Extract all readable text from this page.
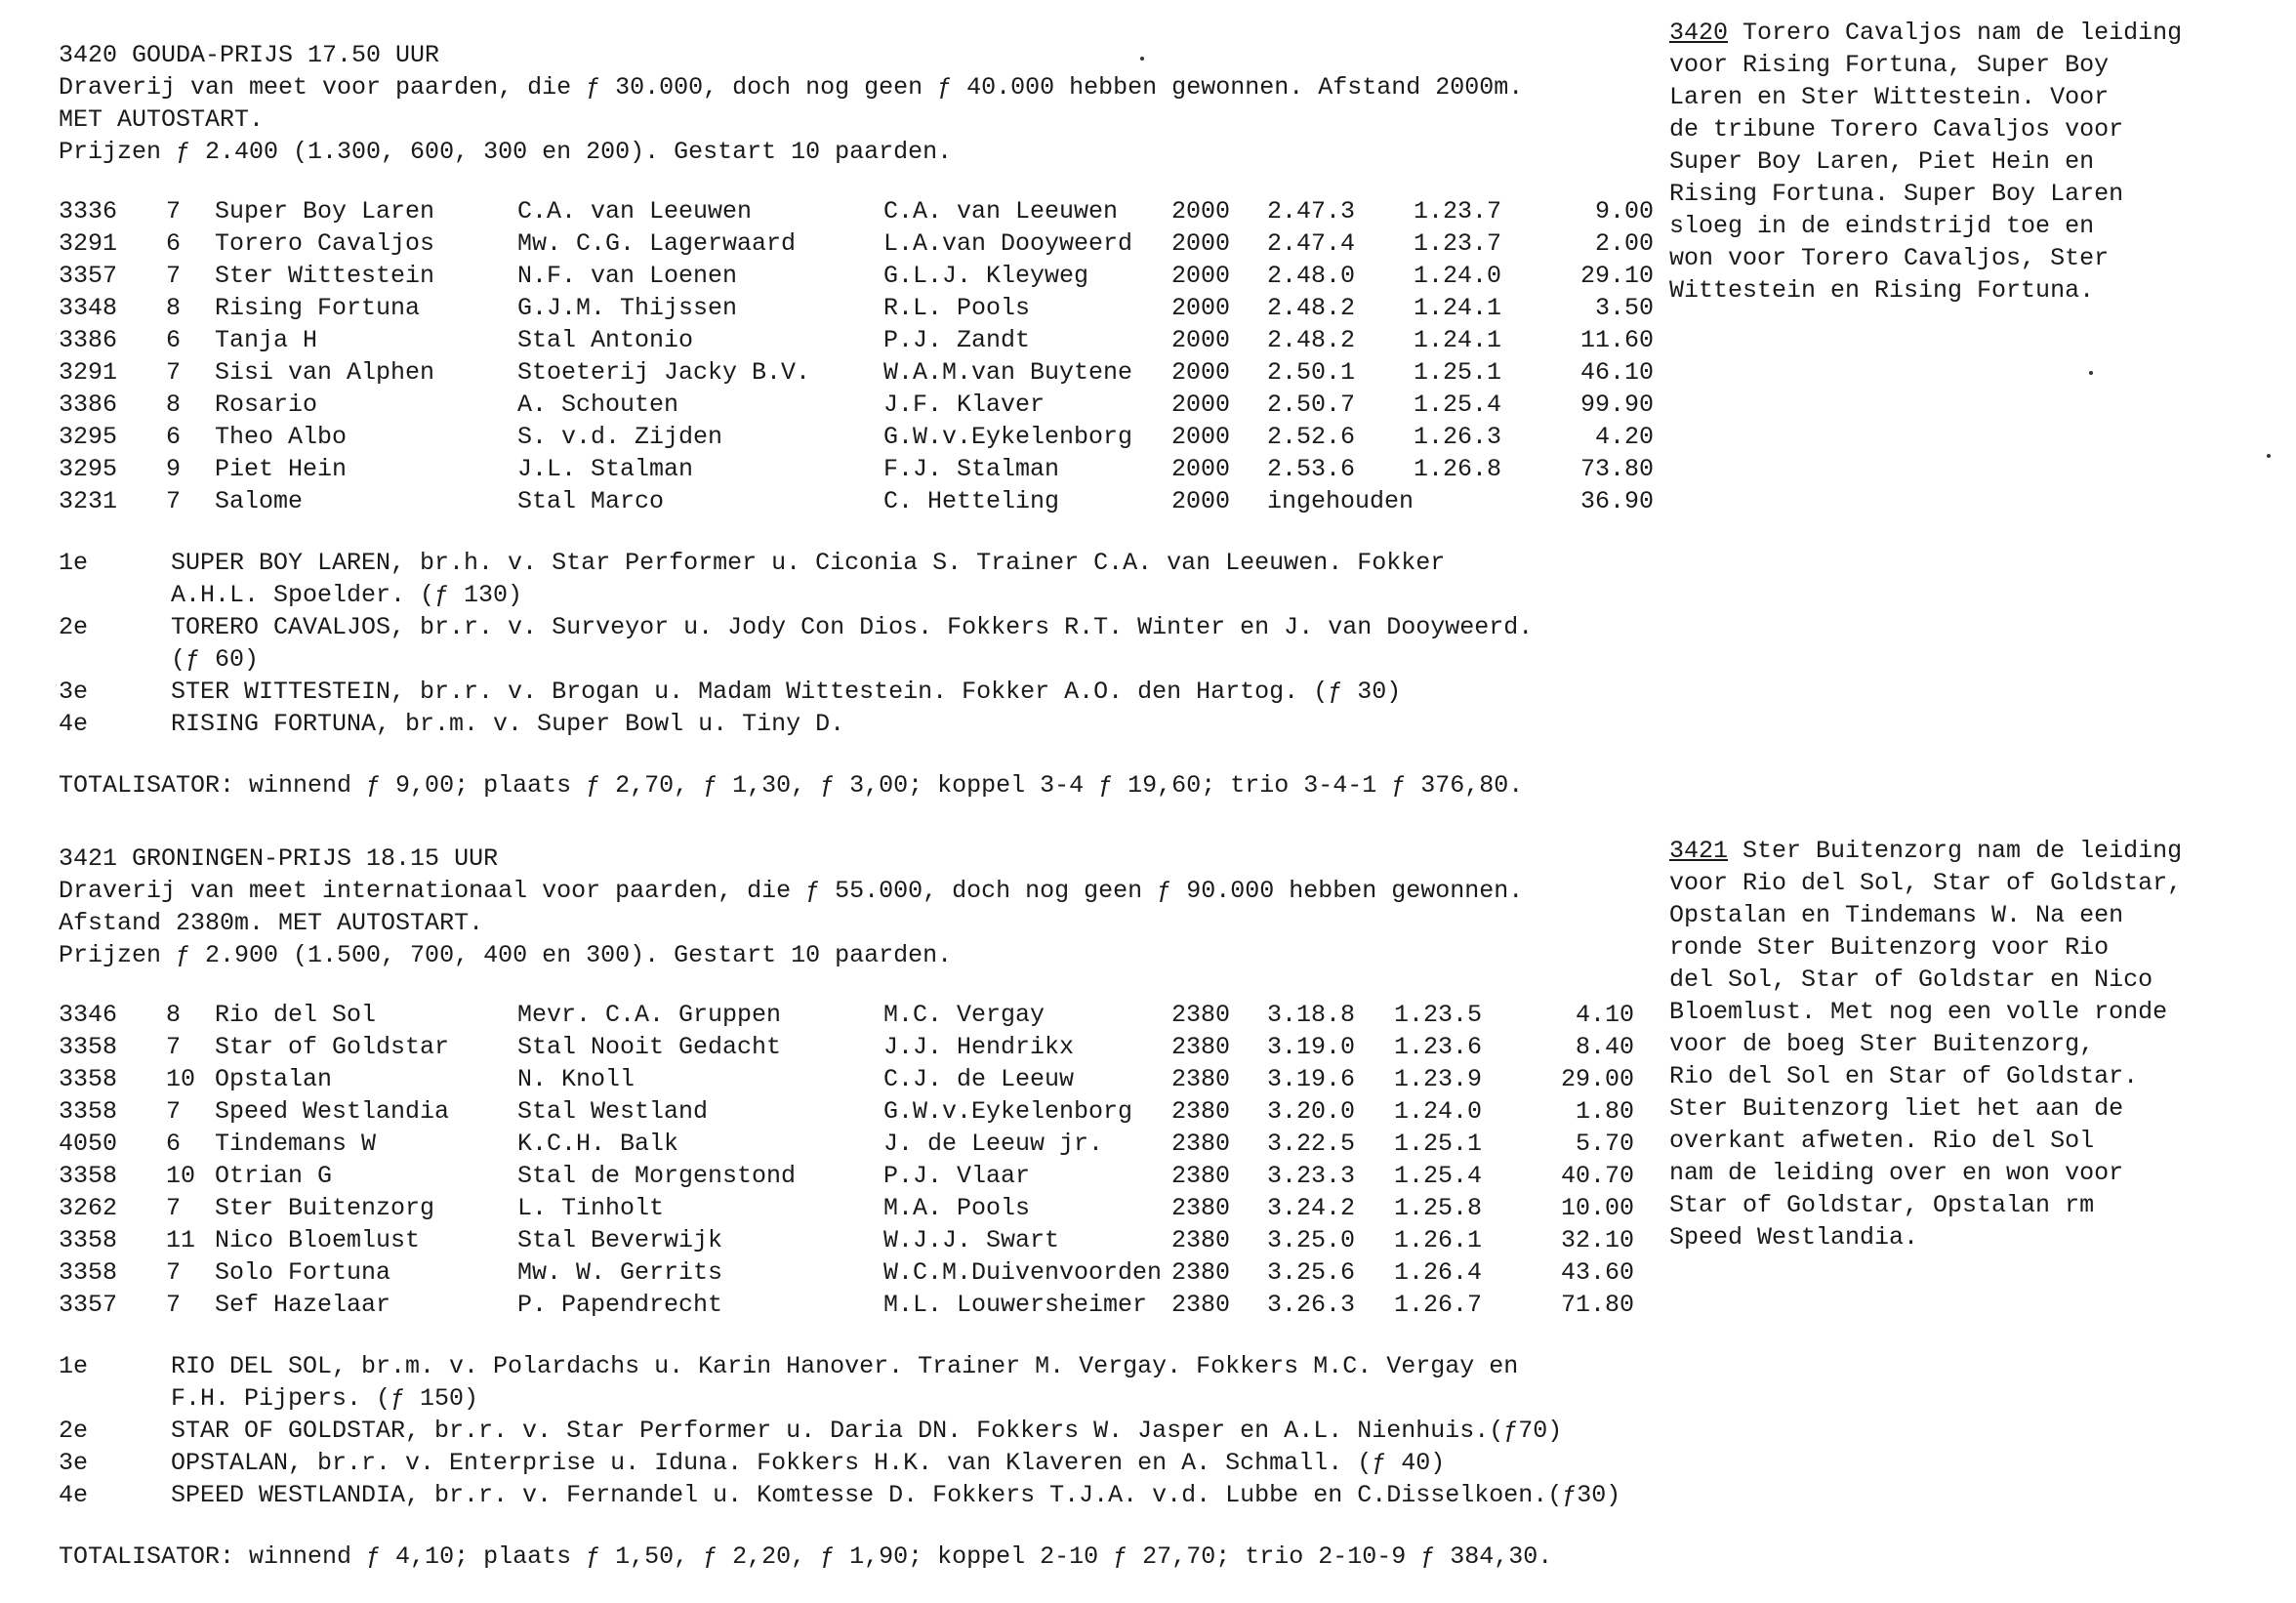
3420 GOUDA-PRIJS 17.50 UUR
Draverij van meet voor paarden, die ƒ 30.000, doch nog geen ƒ 40.000 hebben gewonnen. Afstand 2000m.
MET AUTOSTART.
Prijzen ƒ 2.400 (1.300, 600, 300 en 200). Gestart 10 paarden.
3336	7	Super Boy Laren	C.A. van Leeuwen	C.A. van Leeuwen	2000	2.47.3	1.23.7	9.00
3291	6	Torero Cavaljos	Mw. C.G. Lagerwaard	L.A.van Dooyweerd	2000	2.47.4	1.23.7	2.00
3357	7	Ster Wittestein	N.F. van Loenen	G.L.J. Kleyweg	2000	2.48.0	1.24.0	29.10
3348	8	Rising Fortuna	G.J.M. Thijssen	R.L. Pools	2000	2.48.2	1.24.1	3.50
3386	6	Tanja H	Stal Antonio	P.J. Zandt	2000	2.48.2	1.24.1	11.60
3291	7	Sisi van Alphen	Stoeterij Jacky B.V.	W.A.M.van Buytene	2000	2.50.1	1.25.1	46.10
3386	8	Rosario	A. Schouten	J.F. Klaver	2000	2.50.7	1.25.4	99.90
3295	6	Theo Albo	S. v.d. Zijden	G.W.v.Eykelenborg	2000	2.52.6	1.26.3	4.20
3295	9	Piet Hein	J.L. Stalman	F.J. Stalman	2000	2.53.6	1.26.8	73.80
3231	7	Salome	Stal Marco	C. Hetteling	2000	ingehouden		36.90
1e	SUPER BOY LAREN, br.h. v. Star Performer u. Ciconia S. Trainer C.A. van Leeuwen. Fokker
A.H.L. Spoelder. (ƒ 130)
2e	TORERO CAVALJOS, br.r. v. Surveyor u. Jody Con Dios. Fokkers R.T. Winter en J. van Dooyweerd.
(ƒ 60)
3e	STER WITTESTEIN, br.r. v. Brogan u. Madam Wittestein. Fokker A.O. den Hartog. (ƒ 30)
4e	RISING FORTUNA, br.m. v. Super Bowl u. Tiny D.
TOTALISATOR: winnend ƒ 9,00; plaats ƒ 2,70, ƒ 1,30, ƒ 3,00; koppel 3-4 ƒ 19,60; trio 3-4-1 ƒ 376,80.
3420 Torero Cavaljos nam de leiding
voor Rising Fortuna, Super Boy
Laren en Ster Wittestein. Voor
de tribune Torero Cavaljos voor
Super Boy Laren, Piet Hein en
Rising Fortuna. Super Boy Laren
sloeg in de eindstrijd toe en
won voor Torero Cavaljos, Ster
Wittestein en Rising Fortuna.
3421 GRONINGEN-PRIJS 18.15 UUR
Draverij van meet internationaal voor paarden, die ƒ 55.000, doch nog geen ƒ 90.000 hebben gewonnen.
Afstand 2380m. MET AUTOSTART.
Prijzen ƒ 2.900 (1.500, 700, 400 en 300). Gestart 10 paarden.
3346	8	Rio del Sol	Mevr. C.A. Gruppen	M.C. Vergay	2380	3.18.8	1.23.5	4.10
3358	7	Star of Goldstar	Stal Nooit Gedacht	J.J. Hendrikx	2380	3.19.0	1.23.6	8.40
3358	10	Opstalan	N. Knoll	C.J. de Leeuw	2380	3.19.6	1.23.9	29.00
3358	7	Speed Westlandia	Stal Westland	G.W.v.Eykelenborg	2380	3.20.0	1.24.0	1.80
4050	6	Tindemans W	K.C.H. Balk	J. de Leeuw jr.	2380	3.22.5	1.25.1	5.70
3358	10	Otrian G	Stal de Morgenstond	P.J. Vlaar	2380	3.23.3	1.25.4	40.70
3262	7	Ster Buitenzorg	L. Tinholt	M.A. Pools	2380	3.24.2	1.25.8	10.00
3358	11	Nico Bloemlust	Stal Beverwijk	W.J.J. Swart	2380	3.25.0	1.26.1	32.10
3358	7	Solo Fortuna	Mw. W. Gerrits	W.C.M.Duivenvoorden	2380	3.25.6	1.26.4	43.60
3357	7	Sef Hazelaar	P. Papendrecht	M.L. Louwersheimer	2380	3.26.3	1.26.7	71.80
1e	RIO DEL SOL, br.m. v. Polardachs u. Karin Hanover. Trainer M. Vergay. Fokkers M.C. Vergay en
F.H. Pijpers. (ƒ 150)
2e	STAR OF GOLDSTAR, br.r. v. Star Performer u. Daria DN. Fokkers W. Jasper en A.L. Nienhuis.(ƒ70)
3e	OPSTALAN, br.r. v. Enterprise u. Iduna. Fokkers H.K. van Klaveren en A. Schmall. (ƒ 40)
4e	SPEED WESTLANDIA, br.r. v. Fernandel u. Komtesse D. Fokkers T.J.A. v.d. Lubbe en C.Disselkoen.(ƒ30)
TOTALISATOR: winnend ƒ 4,10; plaats ƒ 1,50, ƒ 2,20, ƒ 1,90; koppel 2-10 ƒ 27,70; trio 2-10-9 ƒ 384,30.
3421 Ster Buitenzorg nam de leiding
voor Rio del Sol, Star of Goldstar,
Opstalan en Tindemans W. Na een
ronde Ster Buitenzorg voor Rio
del Sol, Star of Goldstar en Nico
Bloemlust. Met nog een volle ronde
voor de boeg Ster Buitenzorg,
Rio del Sol en Star of Goldstar.
Ster Buitenzorg liet het aan de
overkant afweten. Rio del Sol
nam de leiding over en won voor
Star of Goldstar, Opstalan rm
Speed Westlandia.
